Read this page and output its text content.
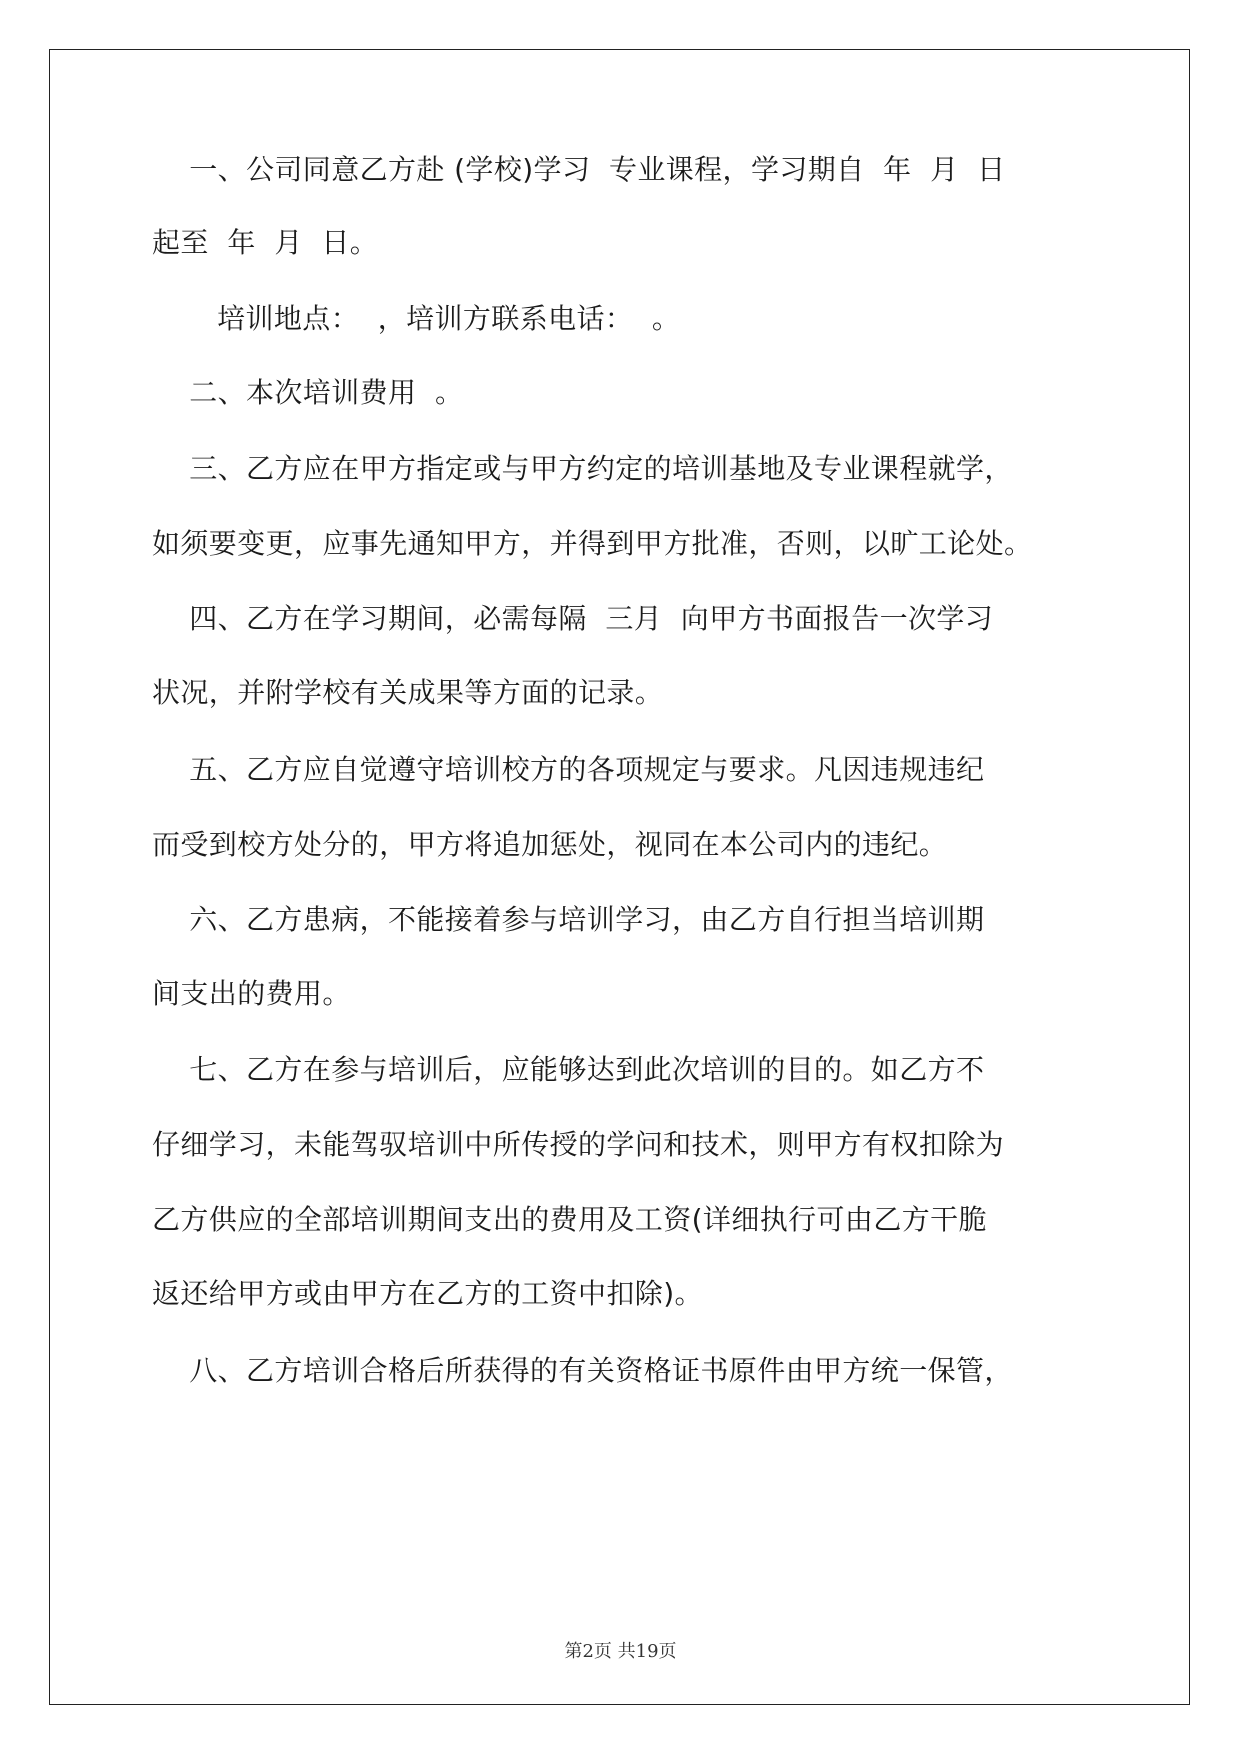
一、公司同意乙方赴 (学校)学习  专业课程，学习期自  年  月  日
起至  年  月  日。
培训地点：  ，培训方联系电话：  。
二、本次培训费用  。
三、乙方应在甲方指定或与甲方约定的培训基地及专业课程就学，
如须要变更，应事先通知甲方，并得到甲方批准，否则，以旷工论处。
四、乙方在学习期间，必需每隔  三月  向甲方书面报告一次学习
状况，并附学校有关成果等方面的记录。
五、乙方应自觉遵守培训校方的各项规定与要求。凡因违规违纪
而受到校方处分的，甲方将追加惩处，视同在本公司内的违纪。
六、乙方患病，不能接着参与培训学习，由乙方自行担当培训期
间支出的费用。
七、乙方在参与培训后，应能够达到此次培训的目的。如乙方不
仔细学习，未能驾驭培训中所传授的学问和技术，则甲方有权扣除为
乙方供应的全部培训期间支出的费用及工资(详细执行可由乙方干脆
返还给甲方或由甲方在乙方的工资中扣除)。
八、乙方培训合格后所获得的有关资格证书原件由甲方统一保管，
第2页 共19页
